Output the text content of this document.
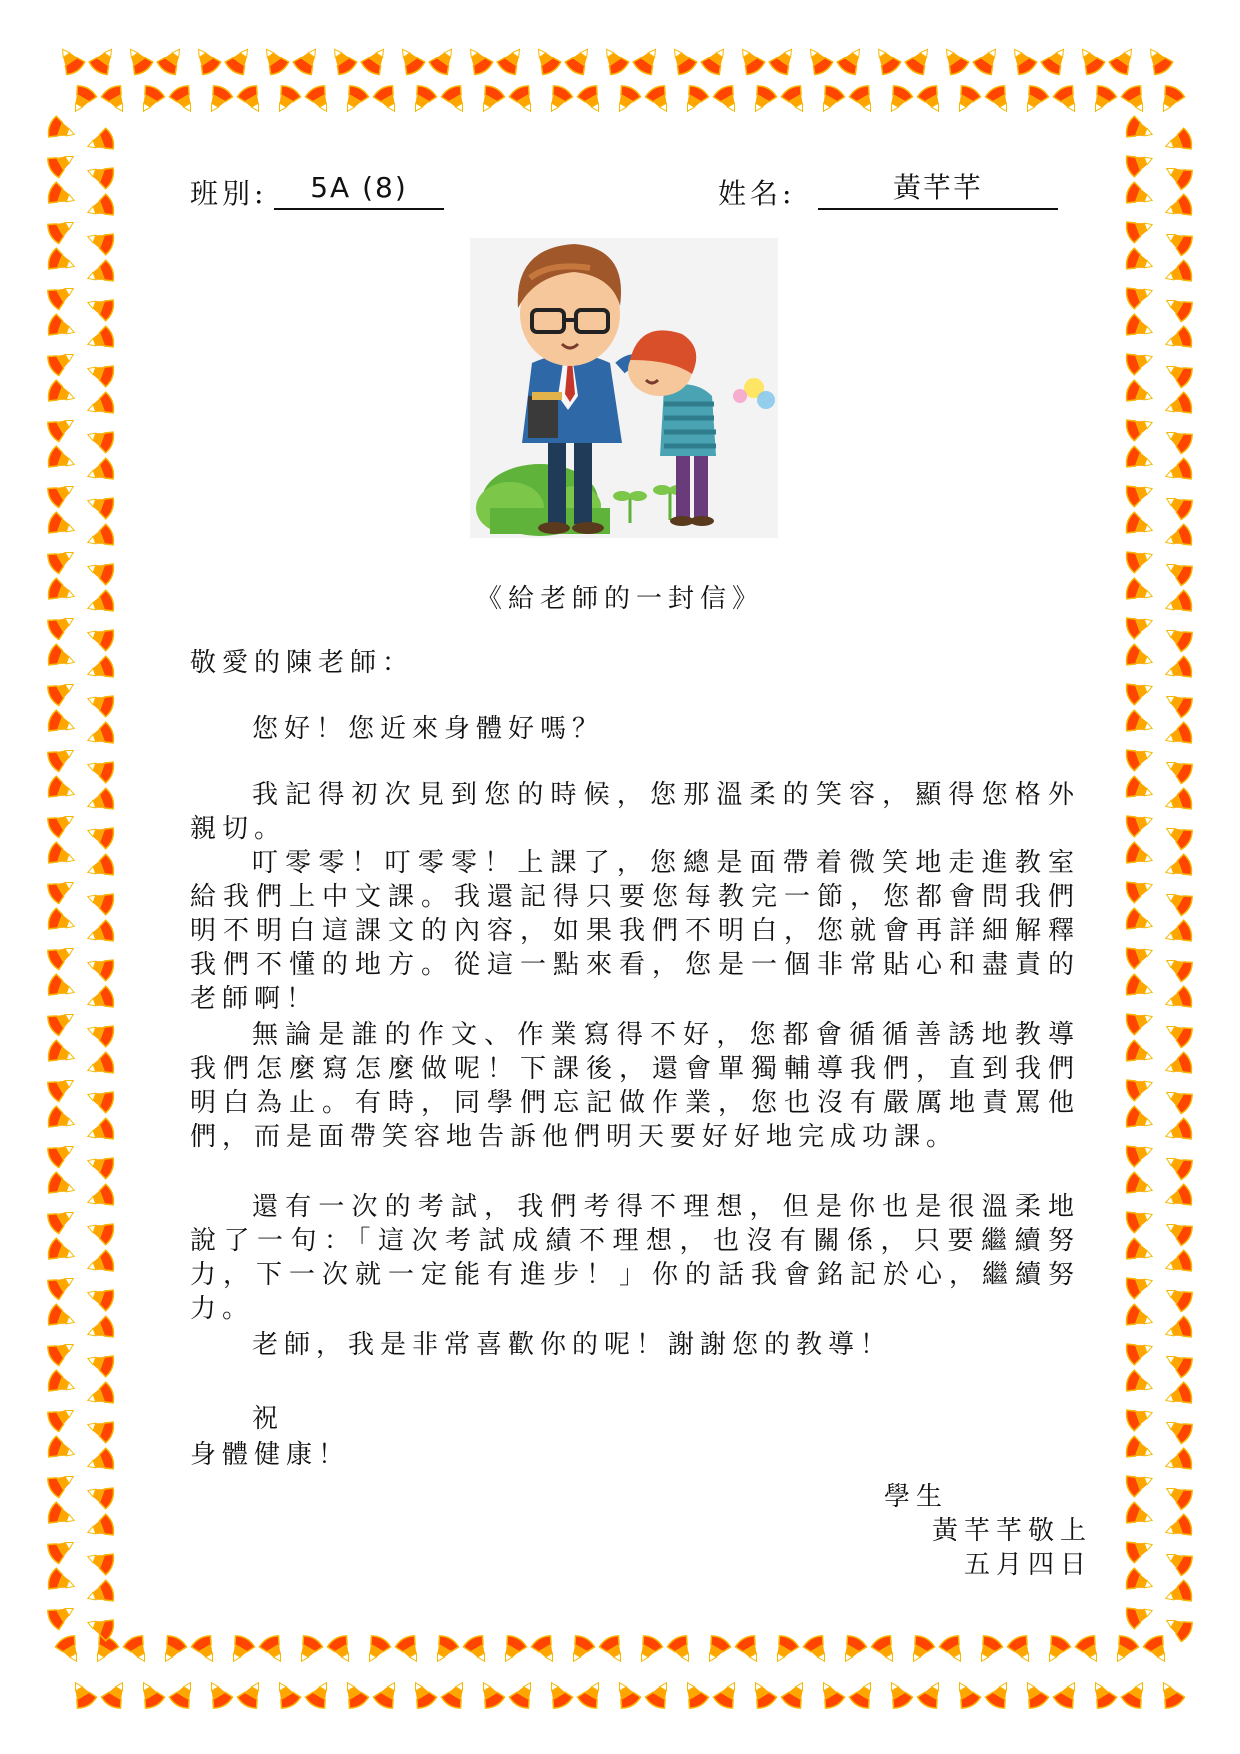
班別:	5A (8)	姓名:	黃芊芊
《給老師的一封信》
敬愛的陳老師：
您好！您近來身體好嗎？
我記得初次見到您的時候，您那溫柔的笑容，顯得您格外親切。
叮零零！叮零零！上課了，您總是面帶着微笑地走進教室給我們上中文課。我還記得只要您每教完一節，您都會問我們明不明白這課文的內容，如果我們不明白，您就會再詳細解釋我們不懂的地方。從這一點來看，您是一個非常貼心和盡責的老師啊！
無論是誰的作文、作業寫得不好，您都會循循善誘地教導我們怎麼寫怎麼做呢！下課後，還會單獨輔導我們，直到我們明白為止。有時，同學們忘記做作業，您也沒有嚴厲地責罵他們，而是面帶笑容地告訴他們明天要好好地完成功課。
還有一次的考試，我們考得不理想，但是你也是很溫柔地說了一句：「這次考試成績不理想，也沒有關係，只要繼續努力，下一次就一定能有進步！」你的話我會銘記於心，繼續努力。
老師，我是非常喜歡你的呢！謝謝您的教導！
祝
身體健康！
學生
黃芊芊敬上
五月四日
